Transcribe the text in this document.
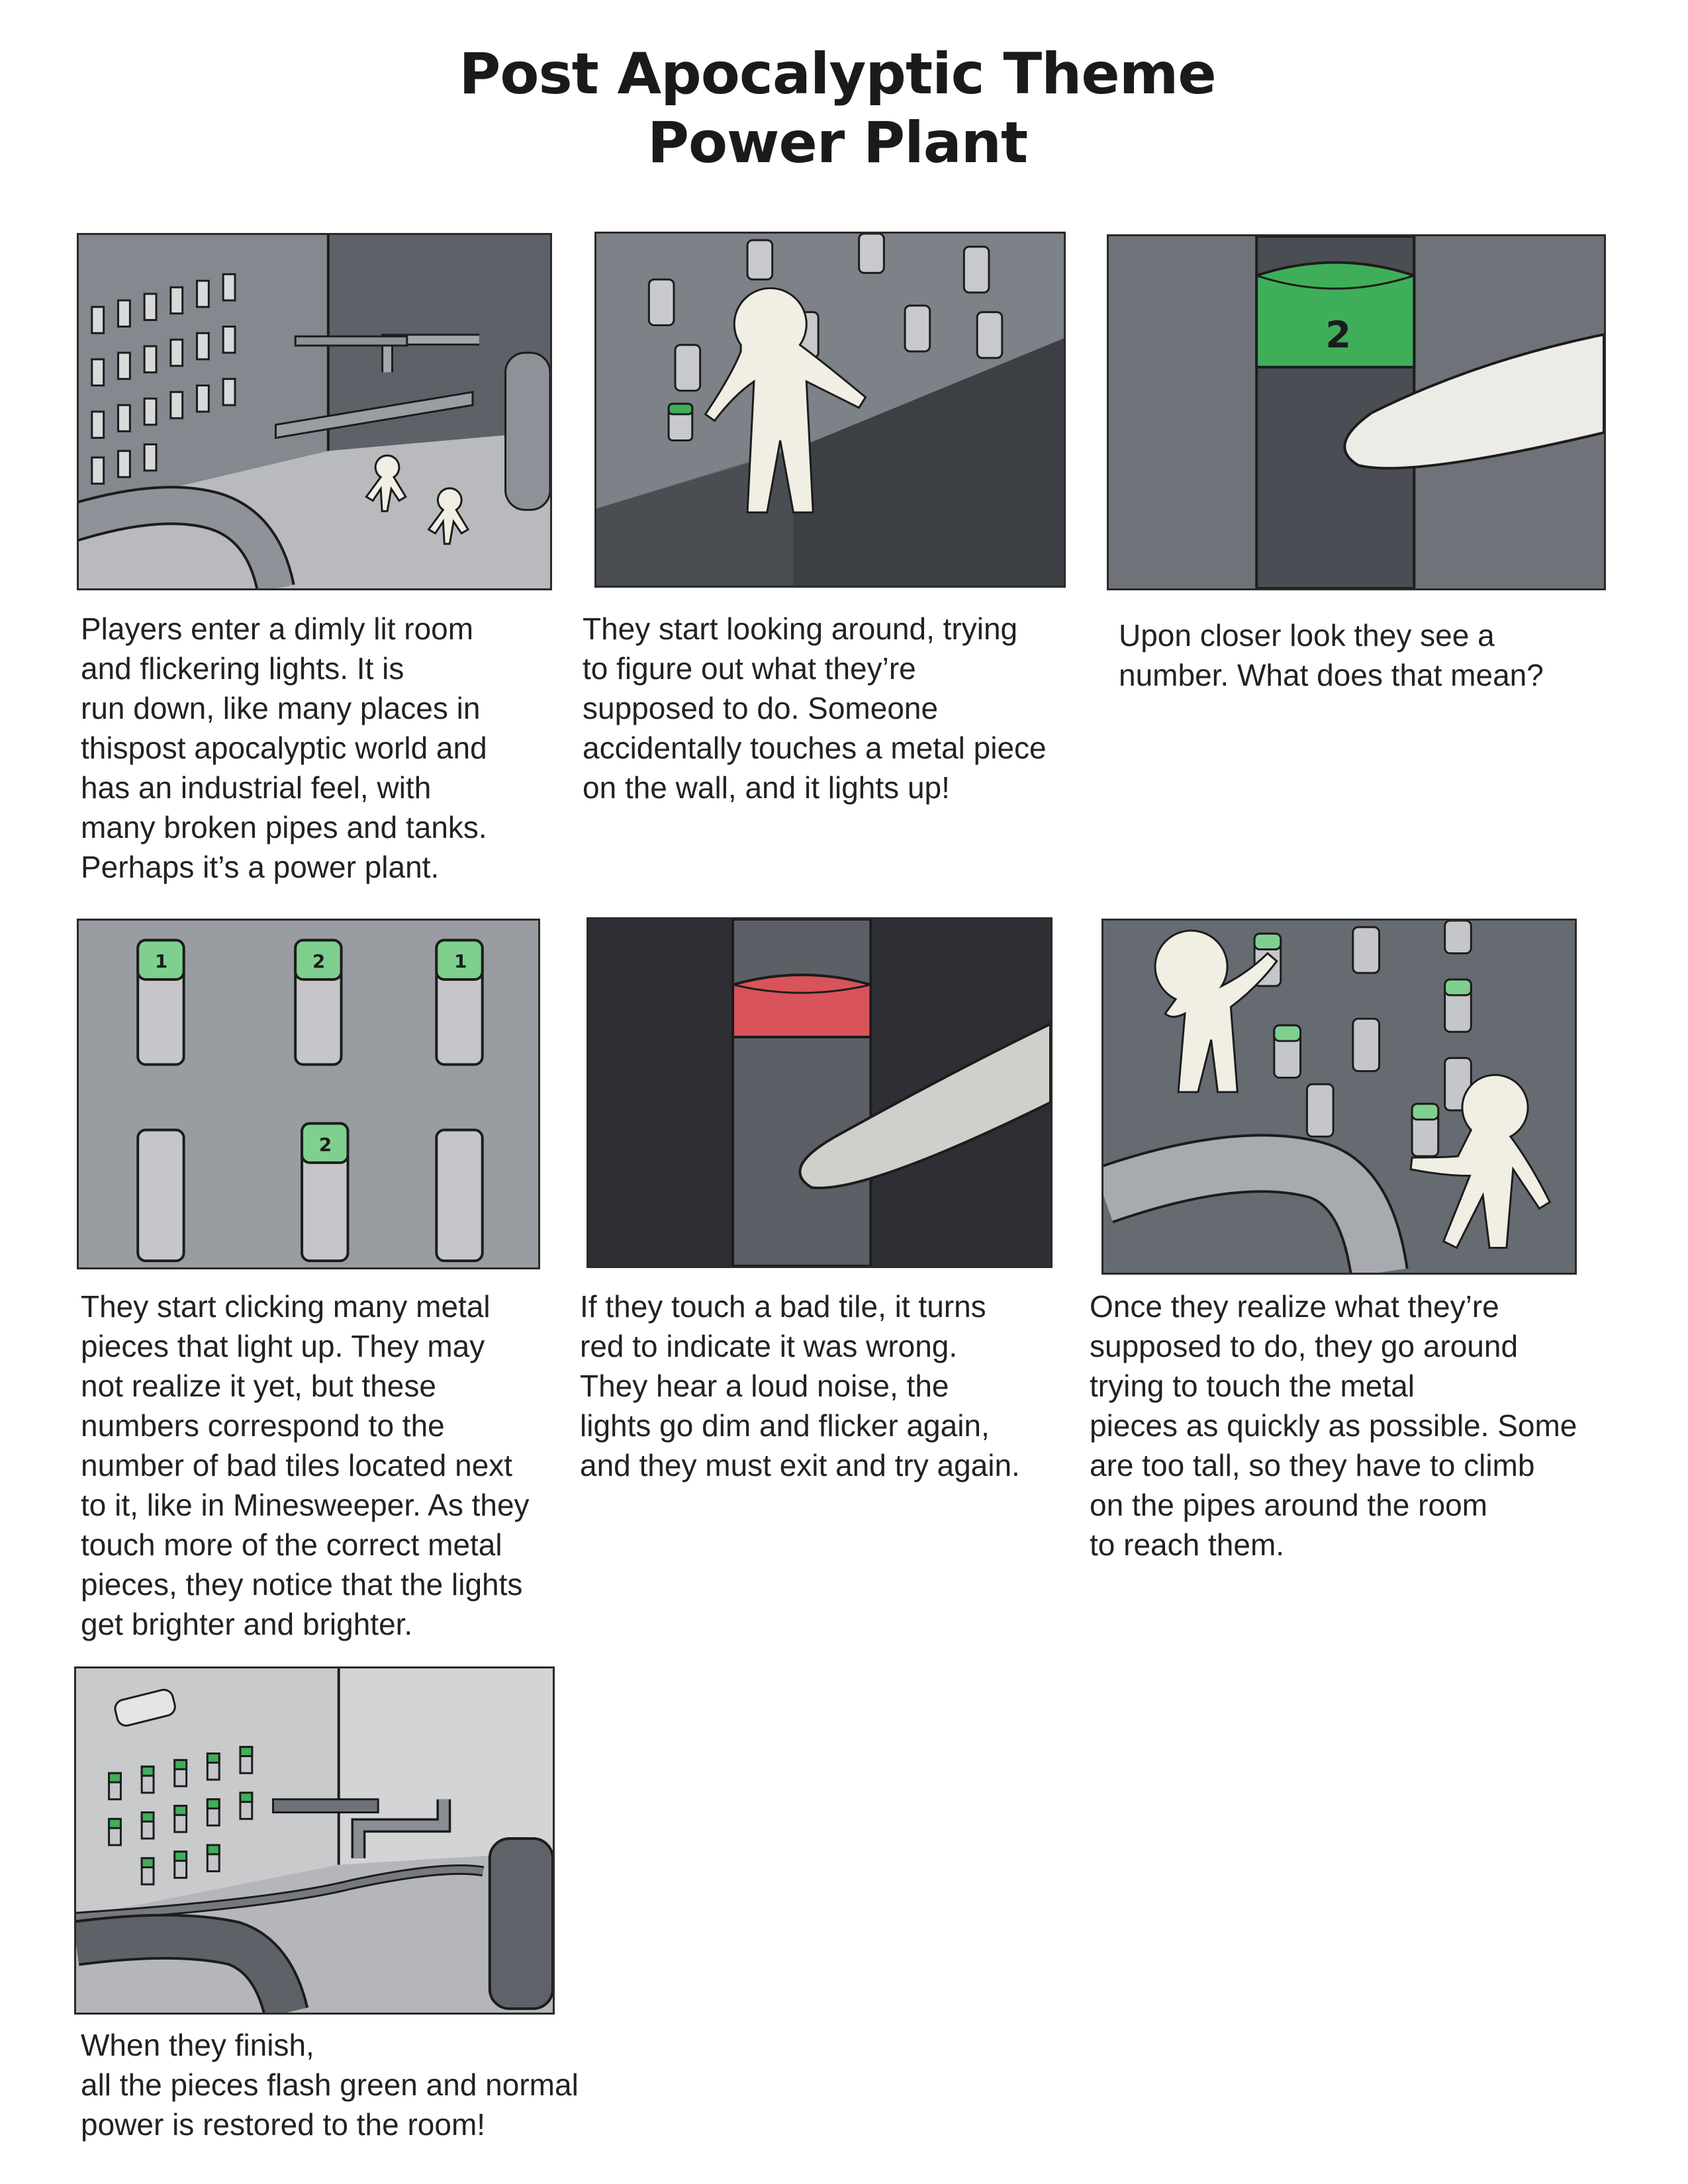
Post Apocalyptic Theme
Power Plant
Players enter a dimly lit room
and flickering lights. It is
run down, like many places in
thispost apocalyptic world and
has an industrial feel, with
many broken pipes and tanks.
Perhaps it’s a power plant.
They start looking around, trying
to figure out what they’re
supposed to do. Someone
accidentally touches a metal piece
on the wall, and it lights up!
2
Upon closer look they see a
number. What does that mean?
1	2	1
2
They start clicking many metal
pieces that light up. They may
not realize it yet, but these
numbers correspond to the
number of bad tiles located next
to it, like in Minesweeper. As they
touch more of the correct metal
pieces, they notice that the lights
get brighter and brighter.
If they touch a bad tile, it turns
red to indicate it was wrong.
They hear a loud noise, the
lights go dim and flicker again,
and they must exit and try again.
Once they realize what they’re
supposed to do, they go around
trying to touch the metal
pieces as quickly as possible. Some
are too tall, so they have to climb
on the pipes around the room
to reach them.
When they finish,
all the pieces flash green and normal
power is restored to the room!
